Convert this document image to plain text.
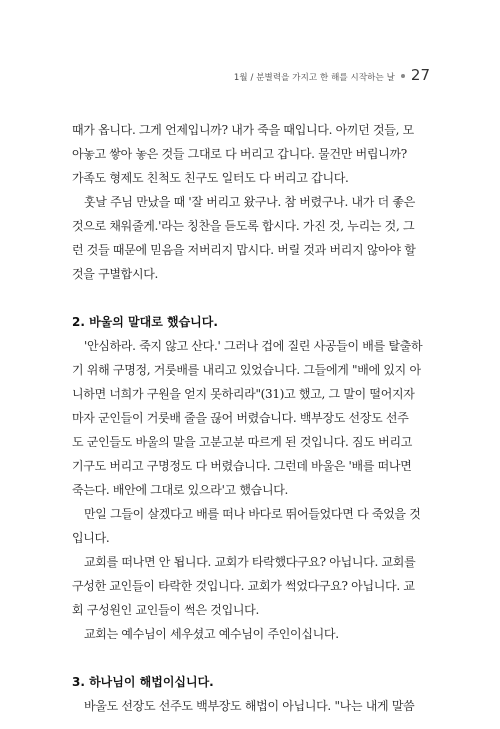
1월 / 분별력을 가지고 한 해를 시작하는 날 27
때가 옵니다. 그게 언제입니까? 내가 죽을 때입니다. 아끼던 것들, 모
아놓고 쌓아 놓은 것들 그대로 다 버리고 갑니다. 물건만 버립니까?
가족도 형제도 친척도 친구도 일터도 다 버리고 갑니다.
훗날 주님 만났을 때 '잘 버리고 왔구나. 참 버렸구나. 내가 더 좋은
것으로 채워줄게.'라는 칭찬을 듣도록 합시다. 가진 것, 누리는 것, 그
런 것들 때문에 믿음을 저버리지 맙시다. 버릴 것과 버리지 않아야 할
것을 구별합시다.
2. 바울의 말대로 했습니다.
'안심하라. 죽지 않고 산다.' 그러나 겁에 질린 사공들이 배를 탈출하
기 위해 구명정, 거룻배를 내리고 있었습니다. 그들에게 "배에 있지 아
니하면 너희가 구원을 얻지 못하리라"(31)고 했고, 그 말이 떨어지자
마자 군인들이 거룻배 줄을 끊어 버렸습니다. 백부장도 선장도 선주
도 군인들도 바울의 말을 고분고분 따르게 된 것입니다. 짐도 버리고
기구도 버리고 구명정도 다 버렸습니다. 그런데 바울은 '배를 떠나면
죽는다. 배안에 그대로 있으라'고 했습니다.
만일 그들이 살겠다고 배를 떠나 바다로 뛰어들었다면 다 죽었을 것
입니다.
교회를 떠나면 안 됩니다. 교회가 타락했다구요? 아닙니다. 교회를
구성한 교인들이 타락한 것입니다. 교회가 썩었다구요? 아닙니다. 교
회 구성원인 교인들이 썩은 것입니다.
교회는 예수님이 세우셨고 예수님이 주인이십니다.
3. 하나님이 해법이십니다.
바울도 선장도 선주도 백부장도 해법이 아닙니다. "나는 내게 말씀
